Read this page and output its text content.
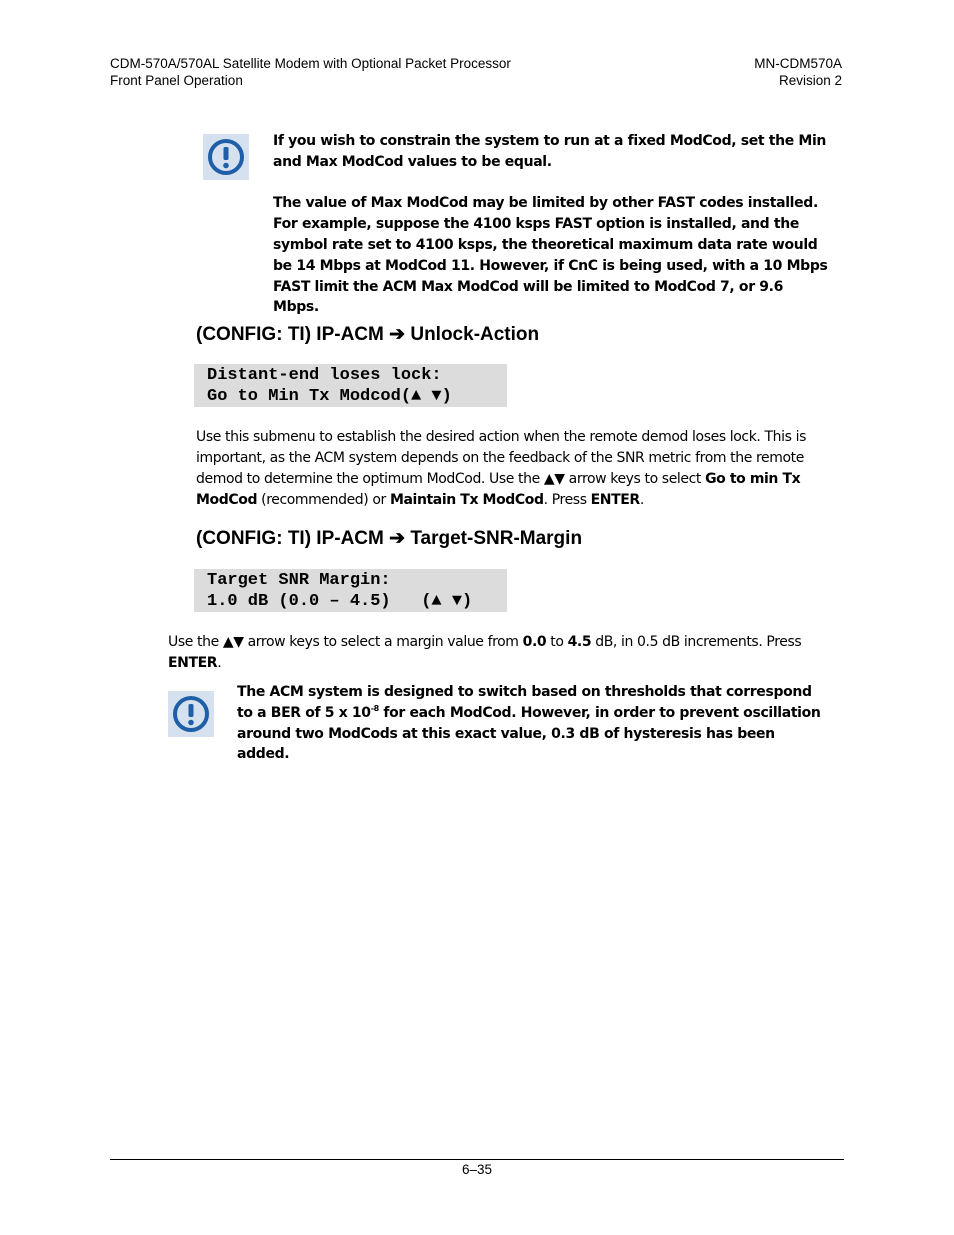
CDM-570A/570AL Satellite Modem with Optional Packet Processor
Front Panel Operation
MN-CDM570A
Revision 2

If you wish to constrain the system to run at a fixed ModCod, set the Min and Max ModCod values to be equal.

The value of Max ModCod may be limited by other FAST codes installed. For example, suppose the 4100 ksps FAST option is installed, and the symbol rate set to 4100 ksps, the theoretical maximum data rate would be 14 Mbps at ModCod 11. However, if CnC is being used, with a 10 Mbps FAST limit the ACM Max ModCod will be limited to ModCod 7, or 9.6 Mbps.

(CONFIG: TI) IP-ACM ➔ Unlock-Action
Distant-end loses lock:
Go to Min Tx Modcod(▲ ▼)
Use this submenu to establish the desired action when the remote demod loses lock. This is important, as the ACM system depends on the feedback of the SNR metric from the remote demod to determine the optimum ModCod. Use the ▲▼ arrow keys to select Go to min Tx ModCod (recommended) or Maintain Tx ModCod. Press ENTER.
(CONFIG: TI) IP-ACM ➔ Target-SNR-Margin
Target SNR Margin:
1.0 dB (0.0 – 4.5)   (▲ ▼)
Use the ▲▼ arrow keys to select a margin value from 0.0 to 4.5 dB, in 0.5 dB increments. Press ENTER.

The ACM system is designed to switch based on thresholds that correspond to a BER of 5 x $10^{-8}$ for each ModCod. However, in order to prevent oscillation around two ModCods at this exact value, 0.3 dB of hysteresis has been added.

6–35
